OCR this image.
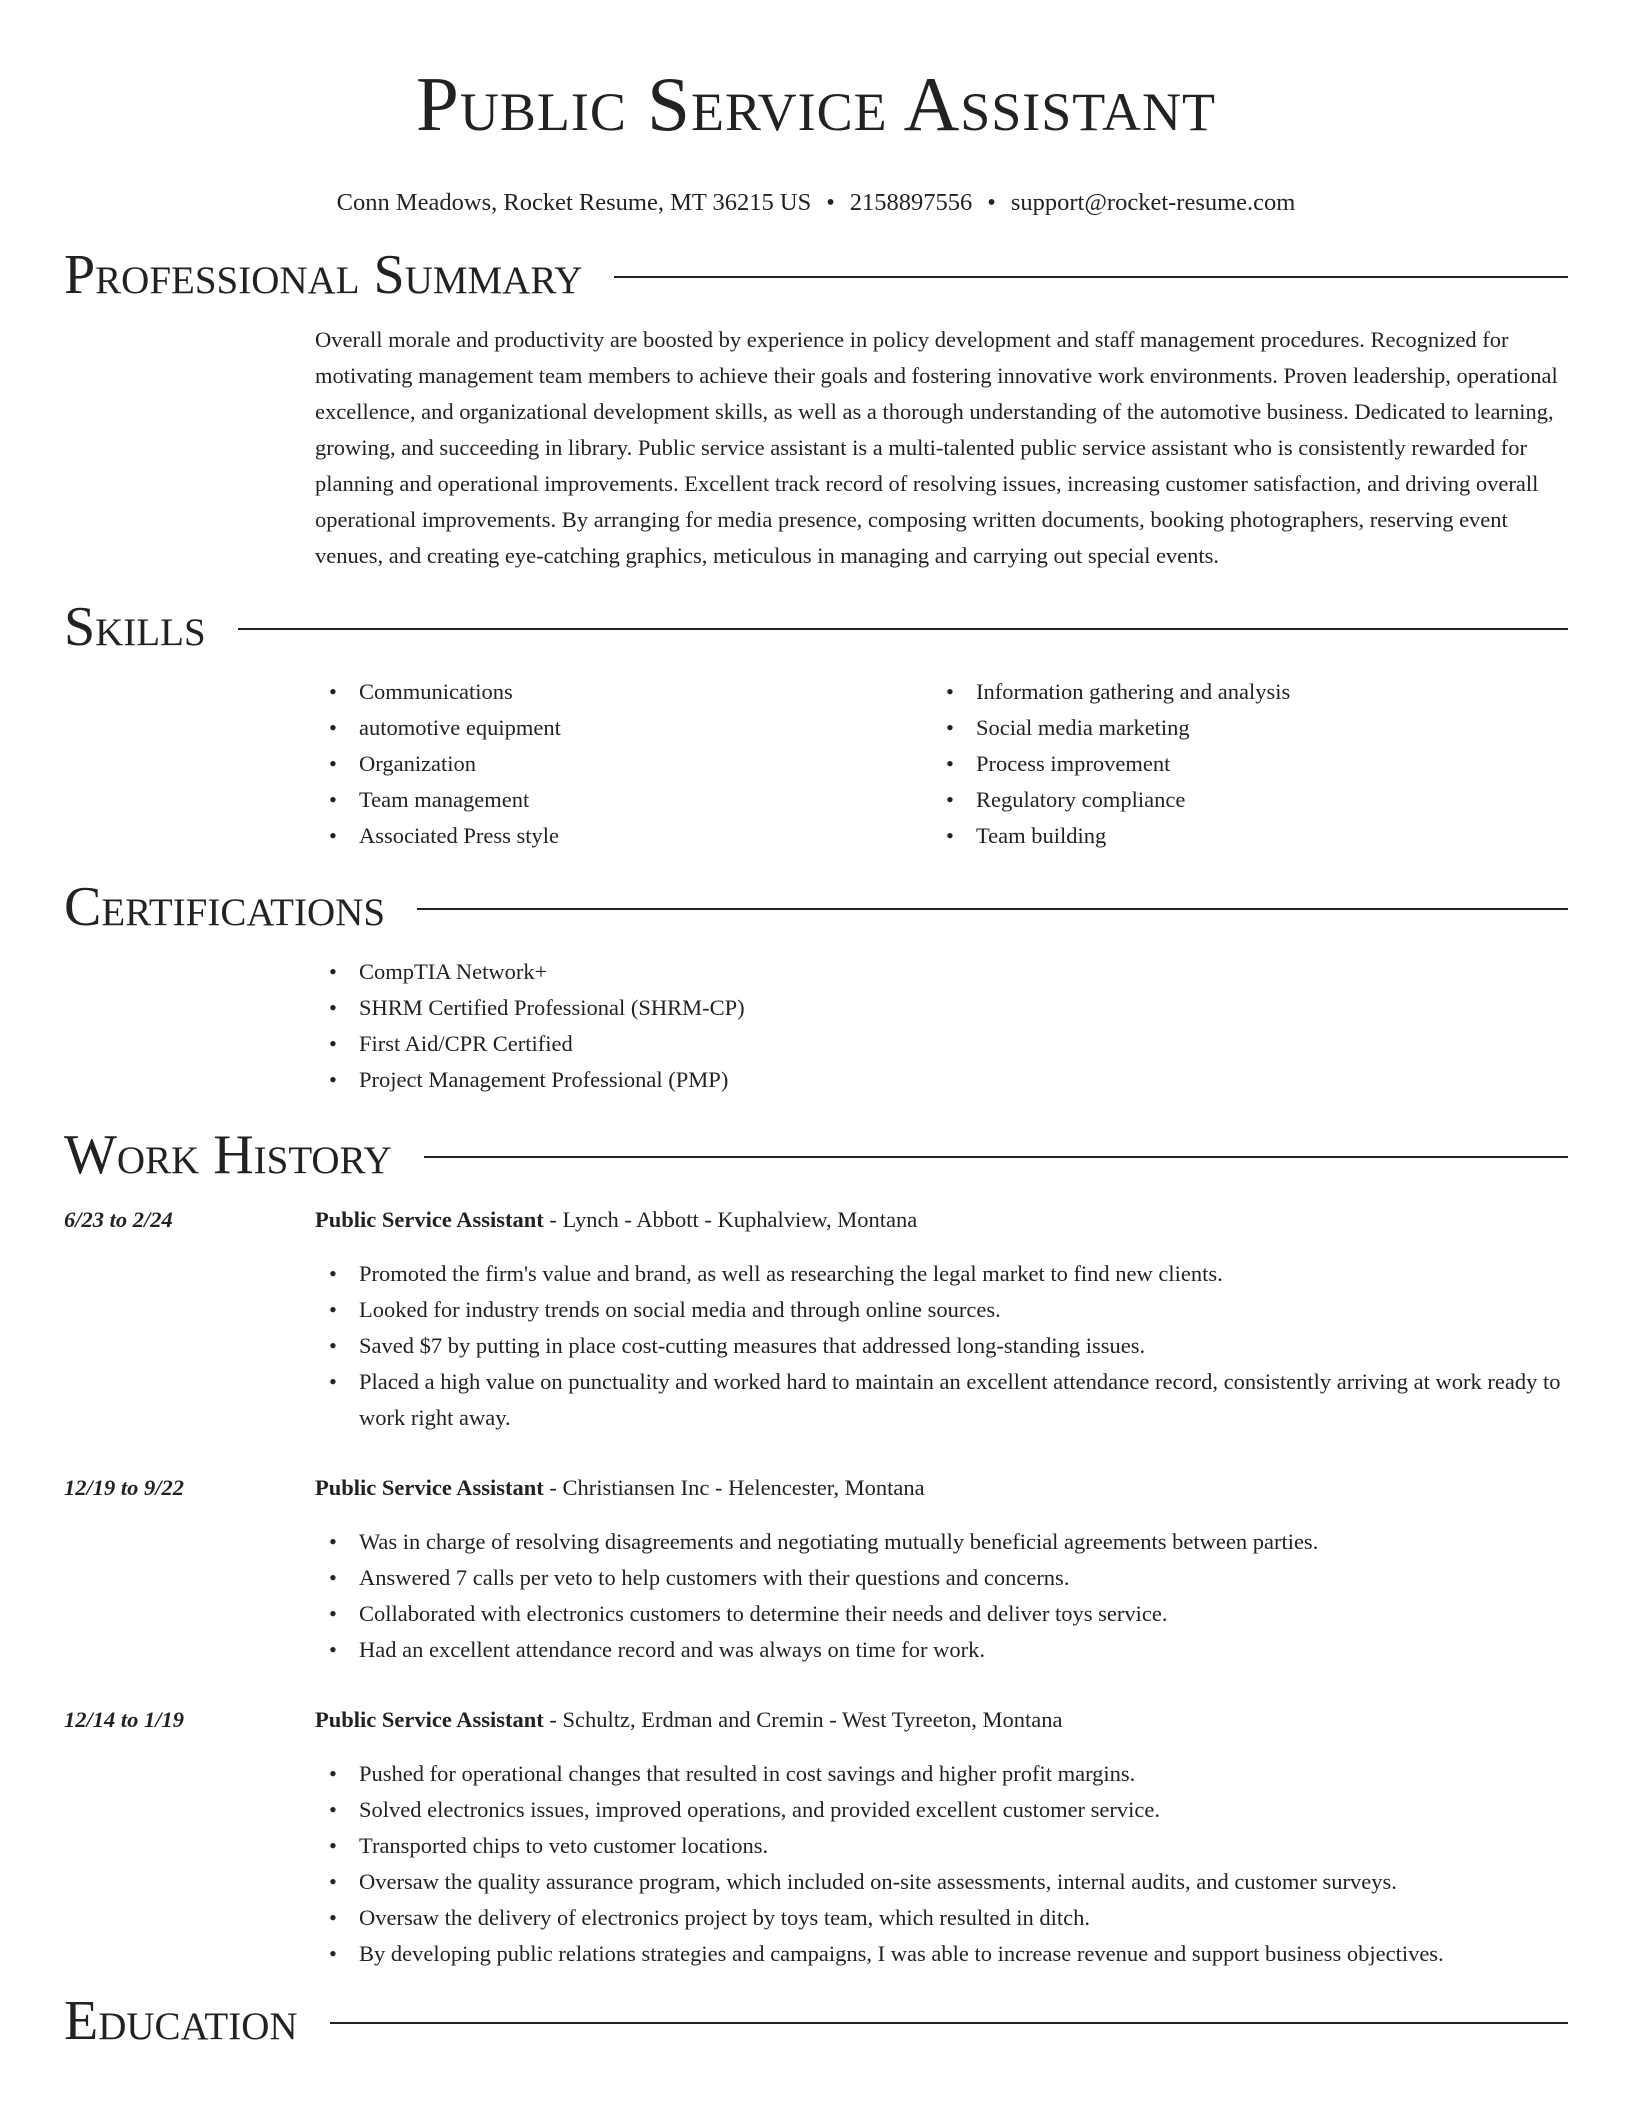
Public Service Assistant
Conn Meadows, Rocket Resume, MT 36215 US • 2158897556 • support@rocket-resume.com
Professional Summary

Overall morale and productivity are boosted by experience in policy development and staff management procedures. Recognized for motivating management team members to achieve their goals and fostering innovative work environments. Proven leadership, operational excellence, and organizational development skills, as well as a thorough understanding of the automotive business. Dedicated to learning, growing, and succeeding in library. Public service assistant is a multi-talented public service assistant who is consistently rewarded for planning and operational improvements. Excellent track record of resolving issues, increasing customer satisfaction, and driving overall operational improvements. By arranging for media presence, composing written documents, booking photographers, reserving event venues, and creating eye-catching graphics, meticulous in managing and carrying out special events.

Skills
• Communications
• automotive equipment
• Organization
• Team management
• Associated Press style
• Information gathering and analysis
• Social media marketing
• Process improvement
• Regulatory compliance
• Team building
Certifications
• CompTIA Network+
• SHRM Certified Professional (SHRM-CP)
• First Aid/CPR Certified
• Project Management Professional (PMP)
Work History
6/23 to 2/24	Public Service Assistant - Lynch - Abbott - Kuphalview, Montana
• Promoted the firm's value and brand, as well as researching the legal market to find new clients.
• Looked for industry trends on social media and through online sources.
• Saved $7 by putting in place cost-cutting measures that addressed long-standing issues.
• Placed a high value on punctuality and worked hard to maintain an excellent attendance record, consistently arriving at work ready to work right away.
12/19 to 9/22	Public Service Assistant - Christiansen Inc - Helencester, Montana
• Was in charge of resolving disagreements and negotiating mutually beneficial agreements between parties.
• Answered 7 calls per veto to help customers with their questions and concerns.
• Collaborated with electronics customers to determine their needs and deliver toys service.
• Had an excellent attendance record and was always on time for work.
12/14 to 1/19	Public Service Assistant - Schultz, Erdman and Cremin - West Tyreeton, Montana
• Pushed for operational changes that resulted in cost savings and higher profit margins.
• Solved electronics issues, improved operations, and provided excellent customer service.
• Transported chips to veto customer locations.
• Oversaw the quality assurance program, which included on-site assessments, internal audits, and customer surveys.
• Oversaw the delivery of electronics project by toys team, which resulted in ditch.
• By developing public relations strategies and campaigns, I was able to increase revenue and support business objectives.
Education
